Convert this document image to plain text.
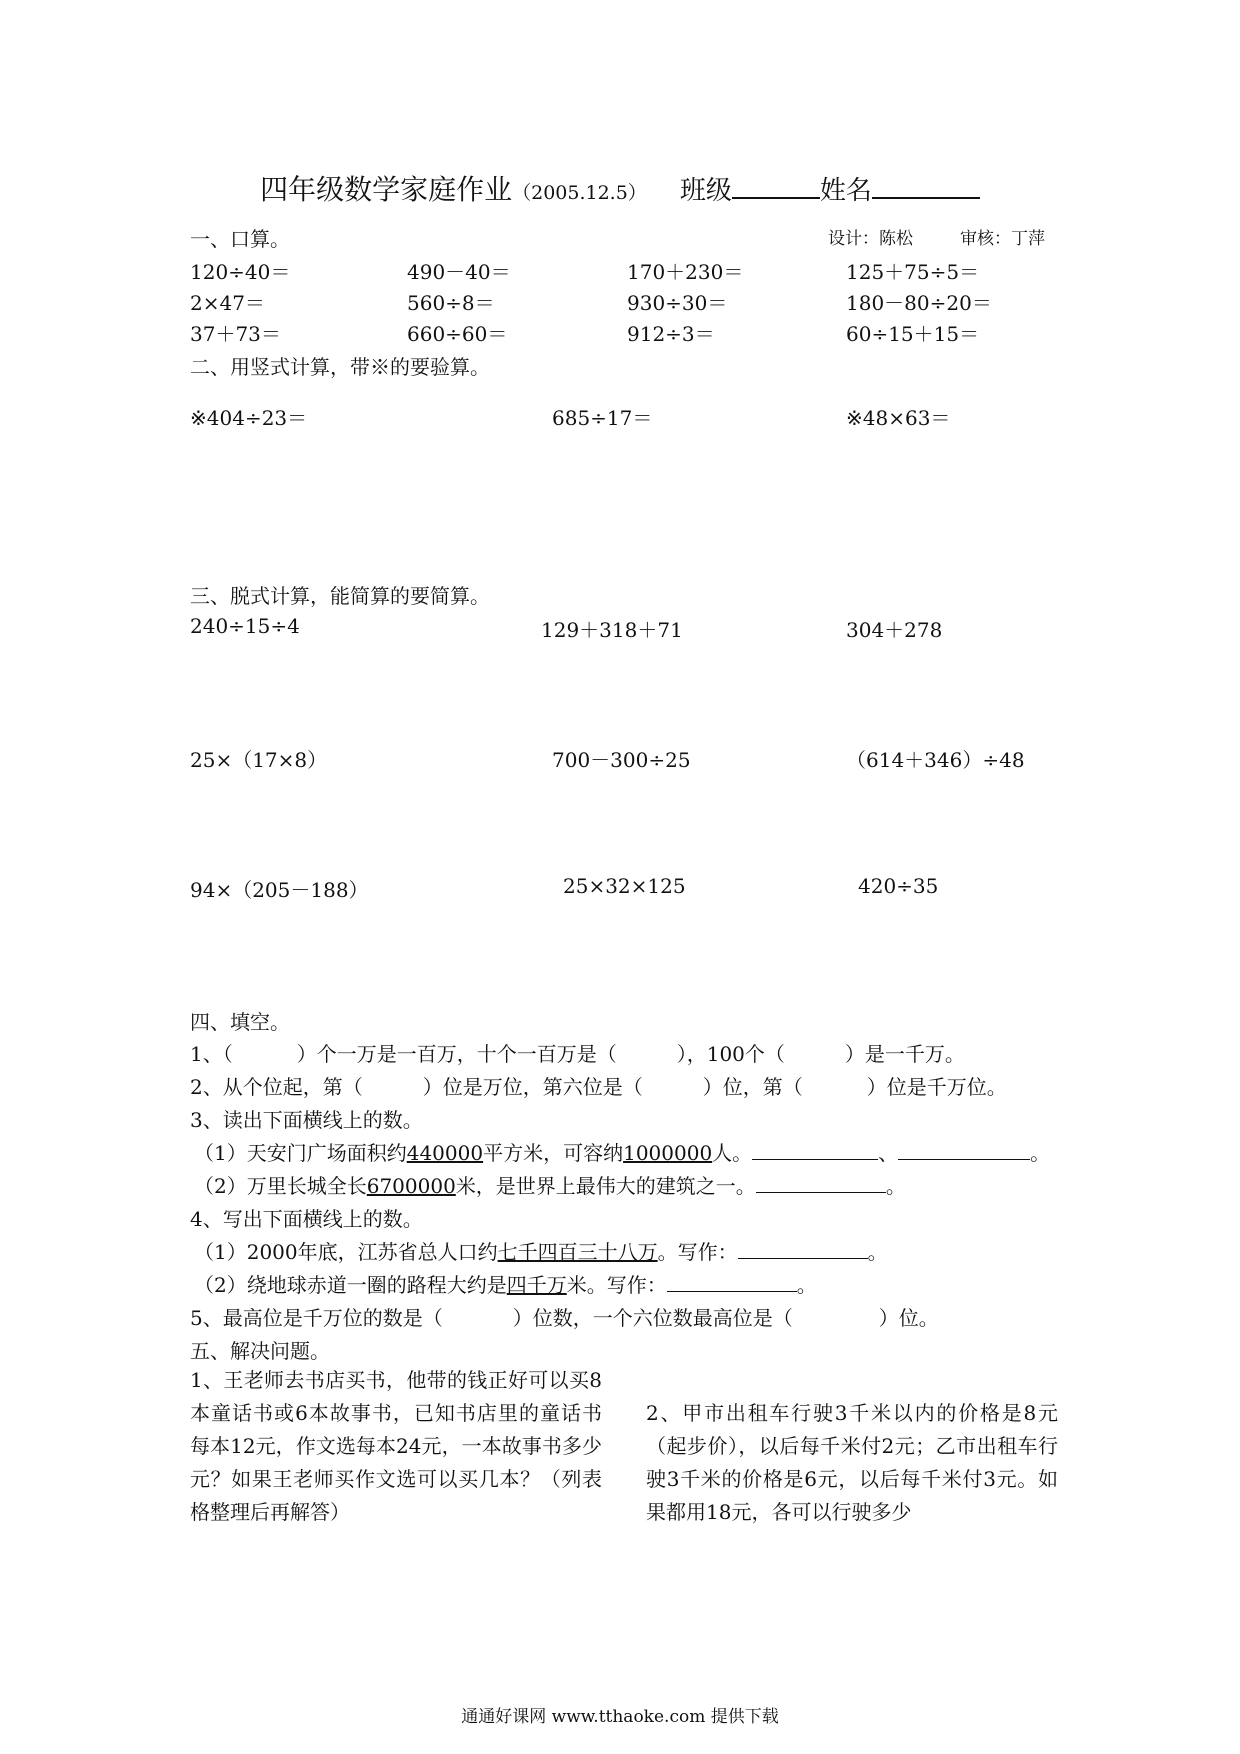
四年级数学家庭作业（2005.12.5） 班级	姓名
一、口算。	设计：陈松	审核：丁萍
120÷40＝	490－40＝	170＋230＝	125＋75÷5＝
2×47＝	560÷8＝	930÷30＝	180－80÷20＝
37＋73＝	660÷60＝	912÷3＝	60÷15＋15＝
二、用竖式计算，带※的要验算。
※404÷23＝	685÷17＝	※48×63＝
三、脱式计算，能简算的要简算。
240÷15÷4	129＋318＋71	304＋278
25×（17×8）	700－300÷25	（614＋346）÷48
94×（205－188）	25×32×125	420÷35
四、填空。
1、（	）个一万是一百万，十个一百万是（	），100个（	）是一千万。
2、从个位起，第（	）位是万位，第六位是（	）位，第（	）位是千万位。
3、读出下面横线上的数。
（1）天安门广场面积约440000平方米，可容纳1000000人。	、	。
（2）万里长城全长6700000米，是世界上最伟大的建筑之一。	。
4、写出下面横线上的数。
（1）2000年底，江苏省总人口约七千四百三十八万。写作：	。
（2）绕地球赤道一圈的路程大约是四千万米。写作：	。
5、最高位是千万位的数是（	）位数，一个六位数最高位是（	）位。
五、解决问题。
1、王老师去书店买书，他带的钱正好可以买8本童话书或6本故事书，已知书店里的童话书每本12元，作文选每本24元，一本故事书多少元？如果王老师买作文选可以买几本？（列表格整理后再解答）
2、甲市出租车行驶3千米以内的价格是8元（起步价），以后每千米付2元；乙市出租车行驶3千米的价格是6元，以后每千米付3元。如果都用18元，各可以行驶多少
通通好课网 www.tthaoke.com 提供下载
